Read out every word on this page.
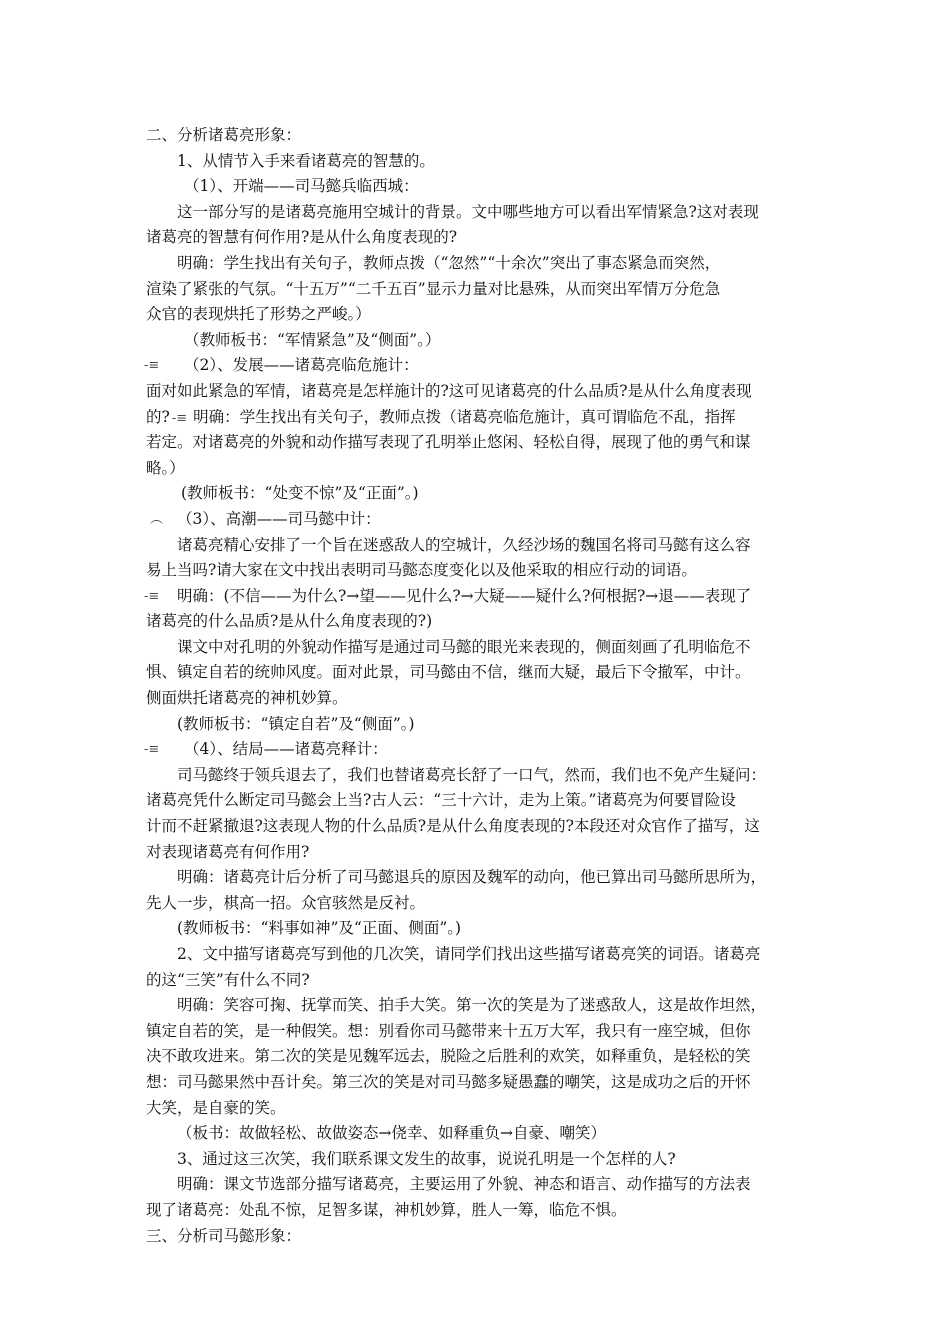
二、分析诸葛亮形象：
1、从情节入手来看诸葛亮的智慧的。
（1）、开端——司马懿兵临西城：
这一部分写的是诸葛亮施用空城计的背景。文中哪些地方可以看出军情紧急?这对表现
诸葛亮的智慧有何作用?是从什么角度表现的?
明确：学生找出有关句子，教师点拨（“忽然”“十余次”突出了事态紧急而突然，
渲染了紧张的气氛。“十五万”“二千五百”显示力量对比悬殊，从而突出军情万分危急
众官的表现烘托了形势之严峻。）
（教师板书：“军情紧急”及“侧面”。）
-≡ （2）、发展——诸葛亮临危施计：
面对如此紧急的军情，诸葛亮是怎样施计的?这可见诸葛亮的什么品质?是从什么角度表现
的? -≡ 明确：学生找出有关句子，教师点拨（诸葛亮临危施计，真可谓临危不乱，指挥
若定。对诸葛亮的外貌和动作描写表现了孔明举止悠闲、轻松自得，展现了他的勇气和谋
略。）
(教师板书：“处变不惊”及“正面”。)
︵ （3）、高潮——司马懿中计：
诸葛亮精心安排了一个旨在迷惑敌人的空城计，久经沙场的魏国名将司马懿有这么容
易上当吗?请大家在文中找出表明司马懿态度变化以及他采取的相应行动的词语。
-≡ 明确：(不信——为什么?→望——见什么?→大疑——疑什么?何根据?→退——表现了
诸葛亮的什么品质?是从什么角度表现的?)
课文中对孔明的外貌动作描写是通过司马懿的眼光来表现的，侧面刻画了孔明临危不
惧、镇定自若的统帅风度。面对此景，司马懿由不信，继而大疑，最后下令撤军，中计。
侧面烘托诸葛亮的神机妙算。
(教师板书：“镇定自若”及“侧面”。)
-≡ （4）、结局——诸葛亮释计：
司马懿终于领兵退去了，我们也替诸葛亮长舒了一口气，然而，我们也不免产生疑问：
诸葛亮凭什么断定司马懿会上当?古人云：“三十六计，走为上策。”诸葛亮为何要冒险设
计而不赶紧撤退?这表现人物的什么品质?是从什么角度表现的?本段还对众官作了描写，这
对表现诸葛亮有何作用?
明确：诸葛亮计后分析了司马懿退兵的原因及魏军的动向，他已算出司马懿所思所为，
先人一步，棋高一招。众官骇然是反衬。
(教师板书：“料事如神”及“正面、侧面”。)
2、文中描写诸葛亮写到他的几次笑，请同学们找出这些描写诸葛亮笑的词语。诸葛亮
的这“三笑”有什么不同?
明确：笑容可掬、抚掌而笑、拍手大笑。第一次的笑是为了迷惑敌人，这是故作坦然，
镇定自若的笑，是一种假笑。想：别看你司马懿带来十五万大军，我只有一座空城，但你
决不敢攻进来。第二次的笑是见魏军远去，脱险之后胜利的欢笑，如释重负，是轻松的笑
想：司马懿果然中吾计矣。第三次的笑是对司马懿多疑愚蠢的嘲笑，这是成功之后的开怀
大笑，是自豪的笑。
（板书：故做轻松、故做姿态→侥幸、如释重负→自豪、嘲笑）
3、通过这三次笑，我们联系课文发生的故事，说说孔明是一个怎样的人?
明确：课文节选部分描写诸葛亮，主要运用了外貌、神态和语言、动作描写的方法表
现了诸葛亮：处乱不惊，足智多谋，神机妙算，胜人一筹，临危不惧。
三、分析司马懿形象：
